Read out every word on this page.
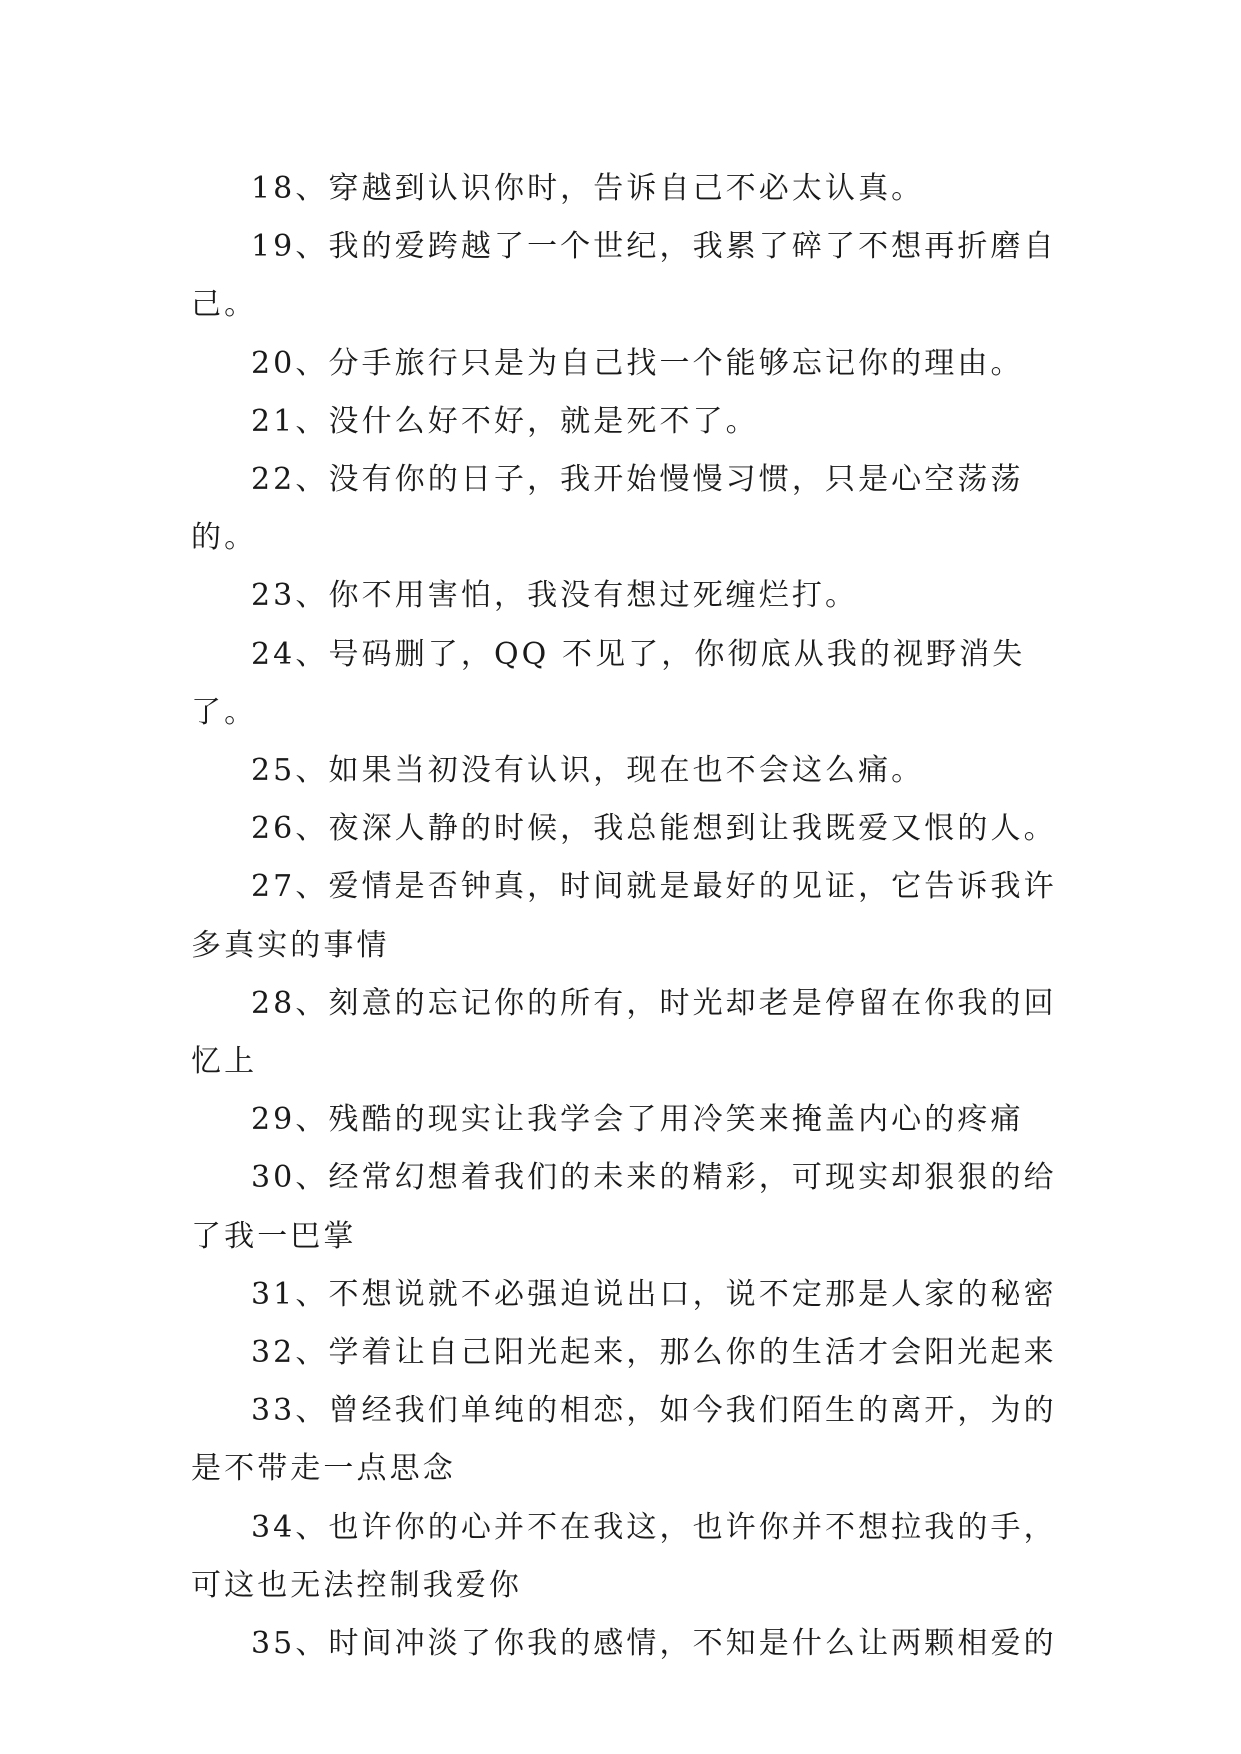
18、穿越到认识你时，告诉自己不必太认真。

19、我的爱跨越了一个世纪，我累了碎了不想再折磨自己。

20、分手旅行只是为自己找一个能够忘记你的理由。

21、没什么好不好，就是死不了。

22、没有你的日子，我开始慢慢习惯，只是心空荡荡的。

23、你不用害怕，我没有想过死缠烂打。

24、号码删了，QQ 不见了，你彻底从我的视野消失了。

25、如果当初没有认识，现在也不会这么痛。

26、夜深人静的时候，我总能想到让我既爱又恨的人。

27、爱情是否钟真，时间就是最好的见证，它告诉我许多真实的事情

28、刻意的忘记你的所有，时光却老是停留在你我的回忆上

29、残酷的现实让我学会了用冷笑来掩盖内心的疼痛

30、经常幻想着我们的未来的精彩，可现实却狠狠的给了我一巴掌

31、不想说就不必强迫说出口，说不定那是人家的秘密

32、学着让自己阳光起来，那么你的生活才会阳光起来

33、曾经我们单纯的相恋，如今我们陌生的离开，为的是不带走一点思念

34、也许你的心并不在我这，也许你并不想拉我的手，可这也无法控制我爱你

35、时间冲淡了你我的感情，不知是什么让两颗相爱的
